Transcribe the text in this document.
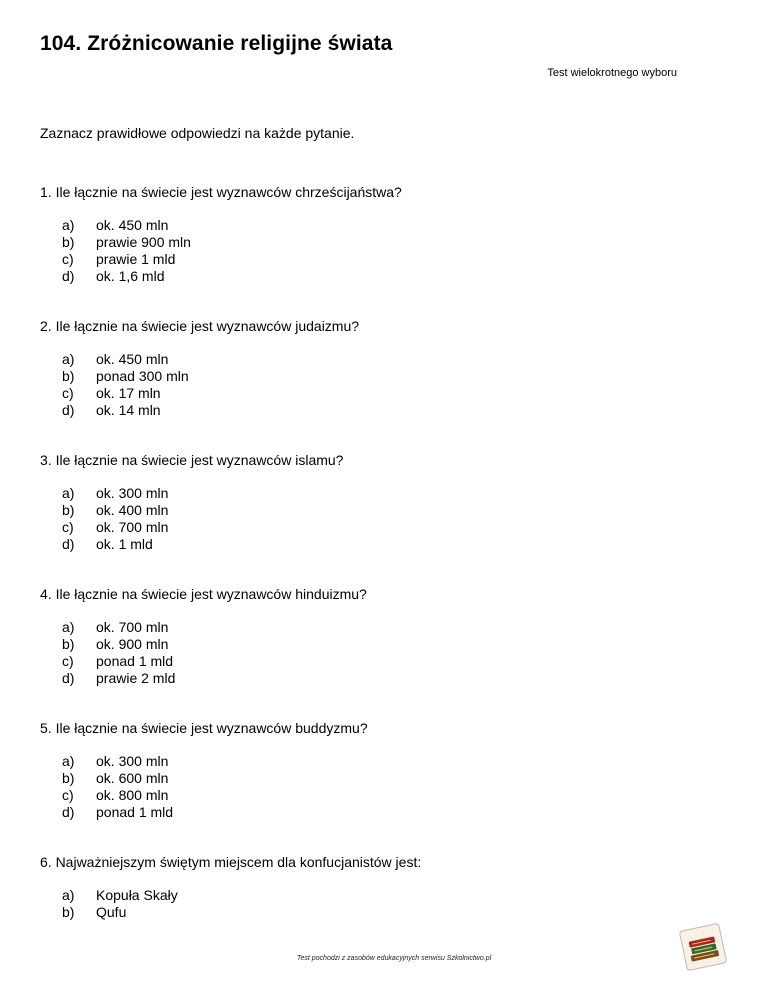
104. Zróżnicowanie religijne świata
Test wielokrotnego wyboru
Zaznacz prawidłowe odpowiedzi na każde pytanie.
1. Ile łącznie na świecie jest wyznawców chrześcijaństwa?
a) ok. 450 mln
b) prawie 900 mln
c) prawie 1 mld
d) ok. 1,6 mld
2. Ile łącznie na świecie jest wyznawców judaizmu?
a) ok. 450 mln
b) ponad 300 mln
c) ok. 17 mln
d) ok. 14 mln
3. Ile łącznie na świecie jest wyznawców islamu?
a) ok. 300 mln
b) ok. 400 mln
c) ok. 700 mln
d) ok. 1 mld
4. Ile łącznie na świecie jest wyznawców hinduizmu?
a) ok. 700 mln
b) ok. 900 mln
c) ponad 1 mld
d) prawie 2 mld
5. Ile łącznie na świecie jest wyznawców buddyzmu?
a) ok. 300 mln
b) ok. 600 mln
c) ok. 800 mln
d) ponad 1 mld
6. Najważniejszym świętym miejscem dla konfucjanistów jest:
a) Kopuła Skały
b) Qufu
Test pochodzi z zasobów edukacyjnych serwisu Szkolnictwo.pl
